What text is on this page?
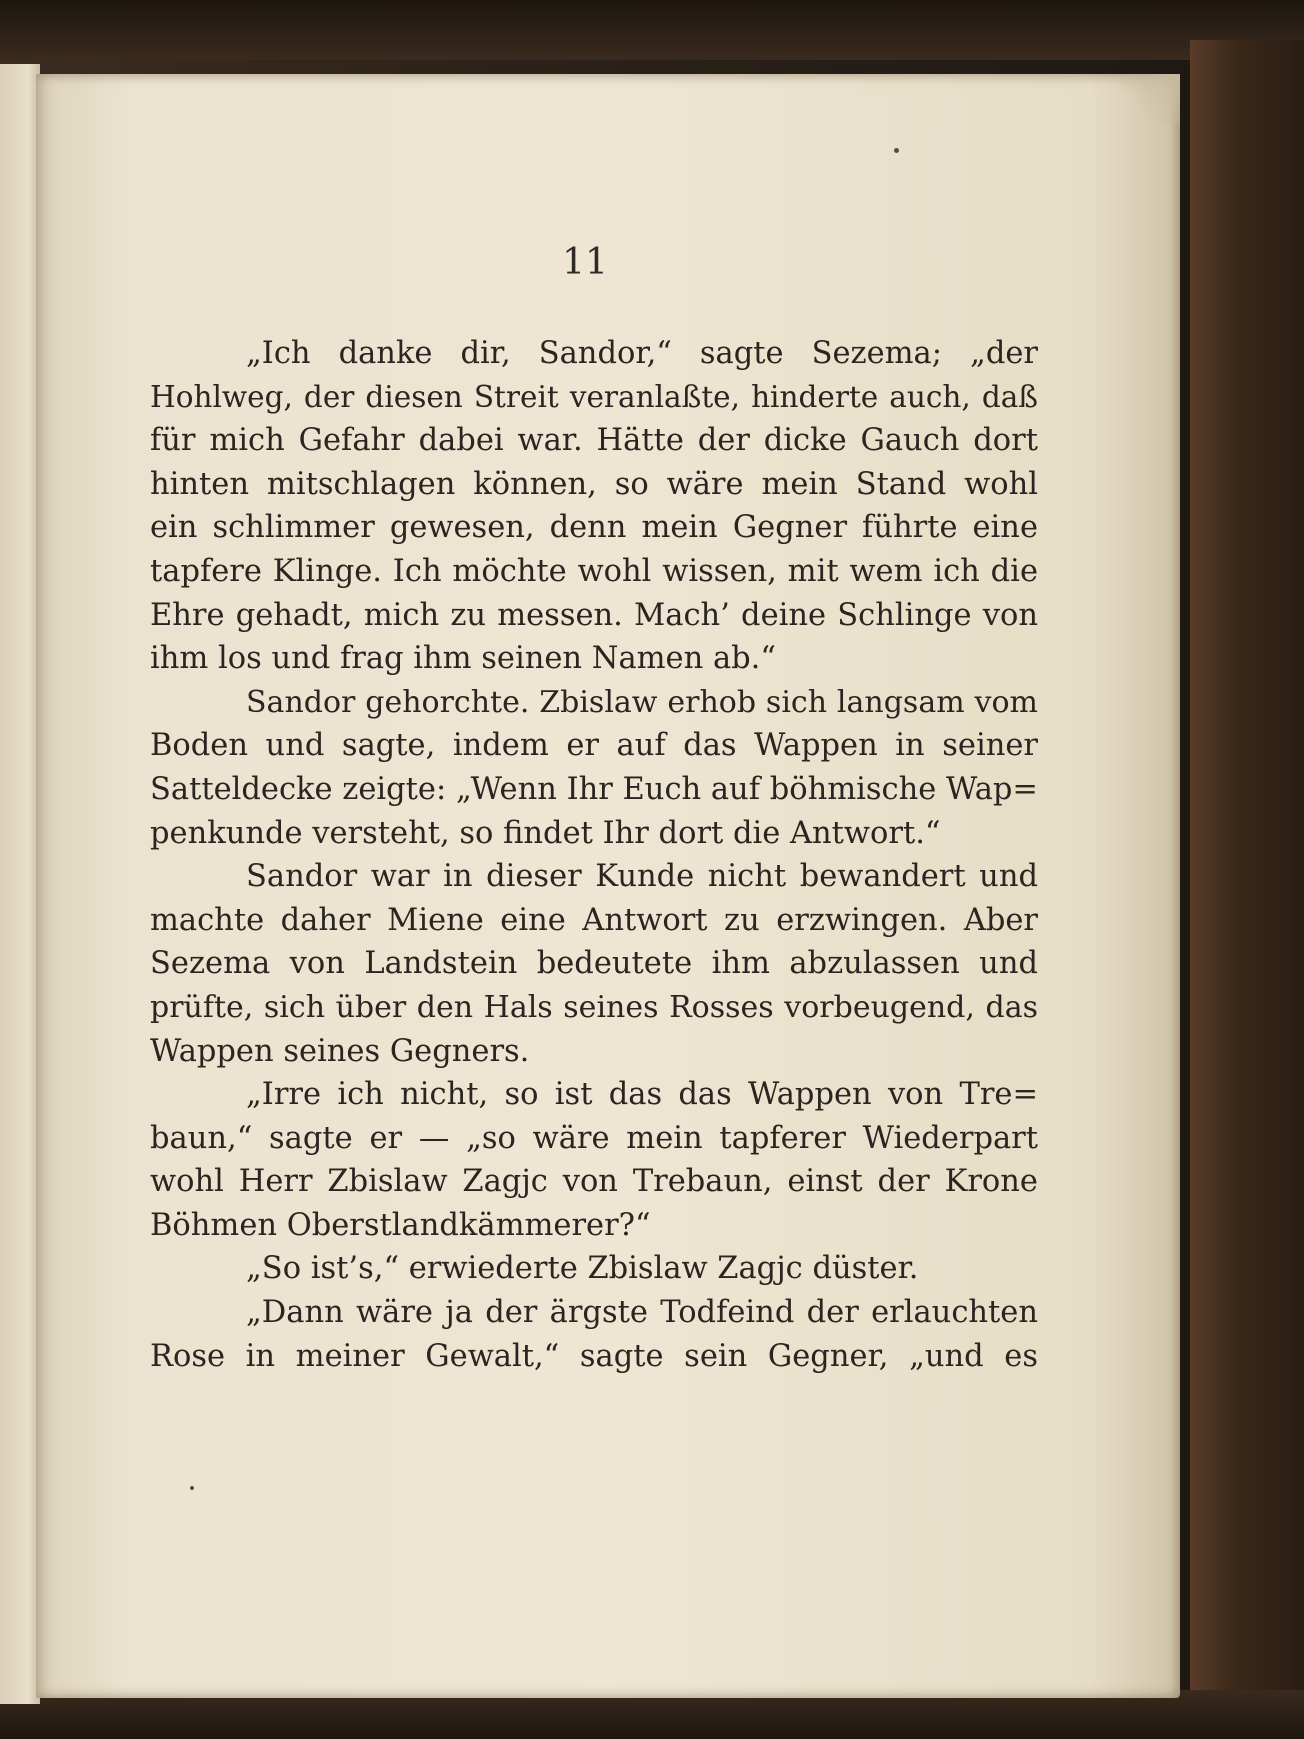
11
„Ich danke dir, Sandor,“ sagte Sezema; „der
Hohlweg, der diesen Streit veranlaßte, hinderte auch, daß
für mich Gefahr dabei war. Hätte der dicke Gauch dort
hinten mitschlagen können, so wäre mein Stand wohl
ein schlimmer gewesen, denn mein Gegner führte eine
tapfere Klinge. Ich möchte wohl wissen, mit wem ich die
Ehre gehadt, mich zu messen. Mach’ deine Schlinge von
ihm los und frag ihm seinen Namen ab.“
Sandor gehorchte. Zbislaw erhob sich langsam vom
Boden und sagte, indem er auf das Wappen in seiner
Satteldecke zeigte: „Wenn Ihr Euch auf böhmische Wap=
penkunde versteht, so findet Ihr dort die Antwort.“
Sandor war in dieser Kunde nicht bewandert und
machte daher Miene eine Antwort zu erzwingen. Aber
Sezema von Landstein bedeutete ihm abzulassen und
prüfte, sich über den Hals seines Rosses vorbeugend, das
Wappen seines Gegners.
„Irre ich nicht, so ist das das Wappen von Tre=
baun,“ sagte er — „so wäre mein tapferer Wiederpart
wohl Herr Zbislaw Zagjc von Trebaun, einst der Krone
Böhmen Oberstlandkämmerer?“
„So ist’s,“ erwiederte Zbislaw Zagjc düster.
„Dann wäre ja der ärgste Todfeind der erlauchten
Rose in meiner Gewalt,“ sagte sein Gegner, „und es
